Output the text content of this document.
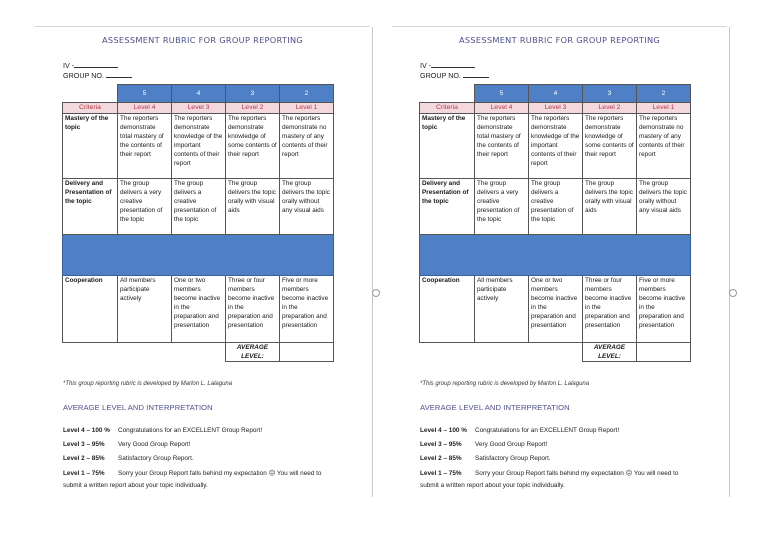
ASSESSMENT RUBRIC FOR GROUP REPORTING
IV -
GROUP NO.
	5	4	3	2
Criteria	Level 4	Level 3	Level 2	Level 1
Mastery of the topic	The reporters demonstrate total mastery of the contents of their report	The reporters demonstrate knowledge of the important contents of their report	The reporters demonstrate knowledge of some contents of their report	The reporters demonstrate no mastery of any contents of their report
Delivery and Presentation of the topic	The group delivers a very creative presentation of the topic	The group delivers a creative presentation of the topic	The group delivers the topic orally with visual aids	The group delivers the topic orally without any visual aids

Cooperation	All members participate actively	One or two members become inactive in the preparation and presentation	Three or four members become inactive in the preparation and presentation	Five or more members become inactive in the preparation and presentation
			AVERAGE LEVEL:	
*This group reporting rubric is developed by Marlon L. Lalaguna
AVERAGE LEVEL AND INTERPRETATION
Level 4 – 100 % Congratulations for an EXCELLENT Group Report!
Level 3 – 95% Very Good Group Report!
Level 2 – 85% Satisfactory Group Report.
Level 1 – 75% Sorry your Group Report falls behind my expectation ☹ You will need to
submit a written report about your topic individually.
ASSESSMENT RUBRIC FOR GROUP REPORTING
IV -
GROUP NO.
	5	4	3	2
Criteria	Level 4	Level 3	Level 2	Level 1
Mastery of the topic	The reporters demonstrate total mastery of the contents of their report	The reporters demonstrate knowledge of the important contents of their report	The reporters demonstrate knowledge of some contents of their report	The reporters demonstrate no mastery of any contents of their report
Delivery and Presentation of the topic	The group delivers a very creative presentation of the topic	The group delivers a creative presentation of the topic	The group delivers the topic orally with visual aids	The group delivers the topic orally without any visual aids

Cooperation	All members participate actively	One or two members become inactive in the preparation and presentation	Three or four members become inactive in the preparation and presentation	Five or more members become inactive in the preparation and presentation
			AVERAGE LEVEL:	
*This group reporting rubric is developed by Marlon L. Lalaguna
AVERAGE LEVEL AND INTERPRETATION
Level 4 – 100 % Congratulations for an EXCELLENT Group Report!
Level 3 – 95% Very Good Group Report!
Level 2 – 85% Satisfactory Group Report.
Level 1 – 75% Sorry your Group Report falls behind my expectation ☹ You will need to
submit a written report about your topic individually.
